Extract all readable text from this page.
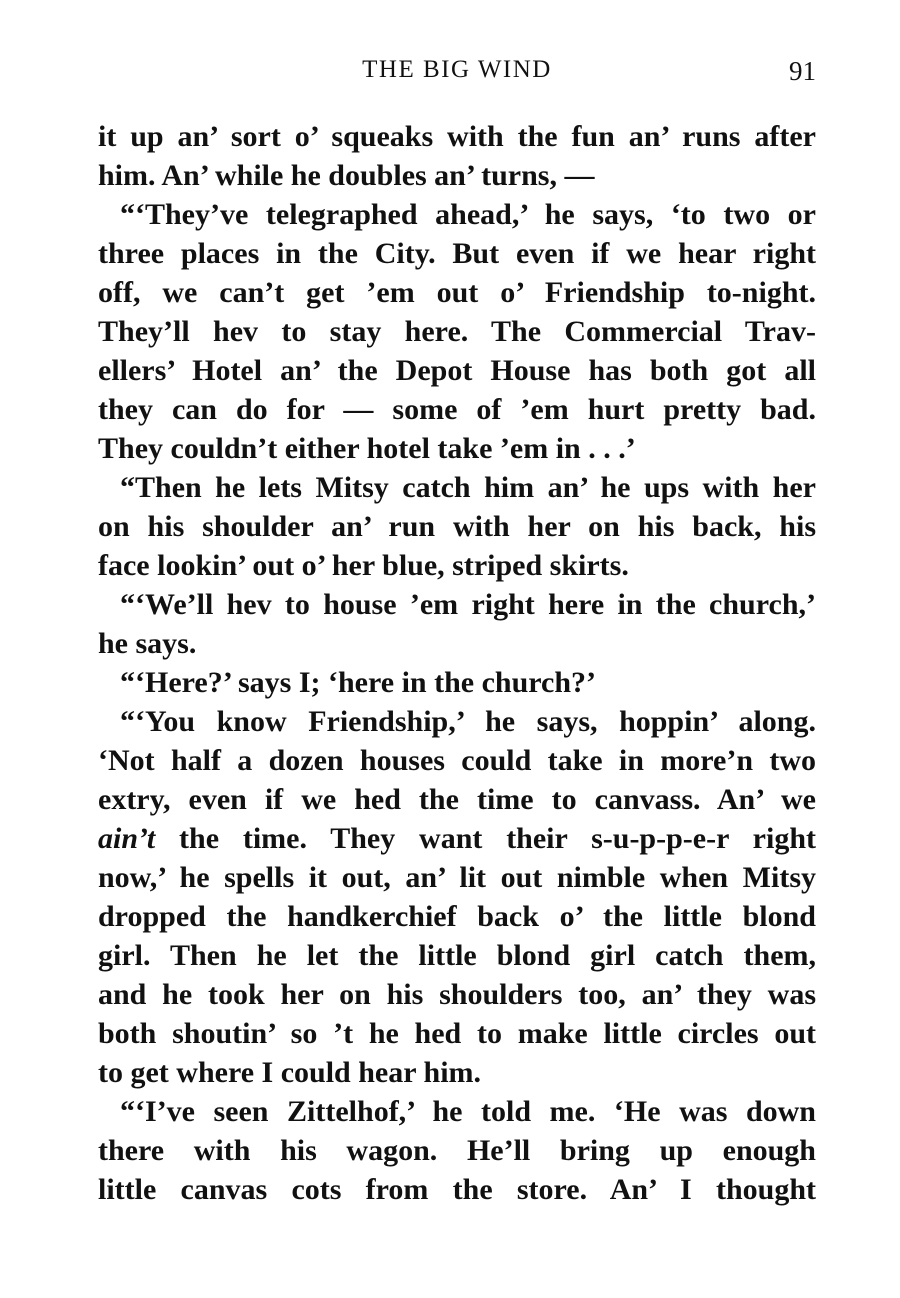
THE BIG WIND	91
it up an’ sort o’ squeaks with the fun an’ runs after
him. An’ while he doubles an’ turns, —
“‘They’ve telegraphed ahead,’ he says, ‘to two or
three places in the City. But even if we hear right
off, we can’t get ’em out o’ Friendship to-night.
They’ll hev to stay here. The Commercial Trav-
ellers’ Hotel an’ the Depot House has both got all
they can do for — some of ’em hurt pretty bad.
They couldn’t either hotel take ’em in . . .’
“Then he lets Mitsy catch him an’ he ups with her
on his shoulder an’ run with her on his back, his
face lookin’ out o’ her blue, striped skirts.
“‘We’ll hev to house ’em right here in the church,’
he says.
“‘Here?’ says I; ‘here in the church?’
“‘You know Friendship,’ he says, hoppin’ along.
‘Not half a dozen houses could take in more’n two
extry, even if we hed the time to canvass. An’ we
ain’t the time. They want their s-u-p-p-e-r right
now,’ he spells it out, an’ lit out nimble when Mitsy
dropped the handkerchief back o’ the little blond
girl. Then he let the little blond girl catch them,
and he took her on his shoulders too, an’ they was
both shoutin’ so ’t he hed to make little circles out
to get where I could hear him.
“‘I’ve seen Zittelhof,’ he told me. ‘He was down
there with his wagon. He’ll bring up enough
little canvas cots from the store. An’ I thought
